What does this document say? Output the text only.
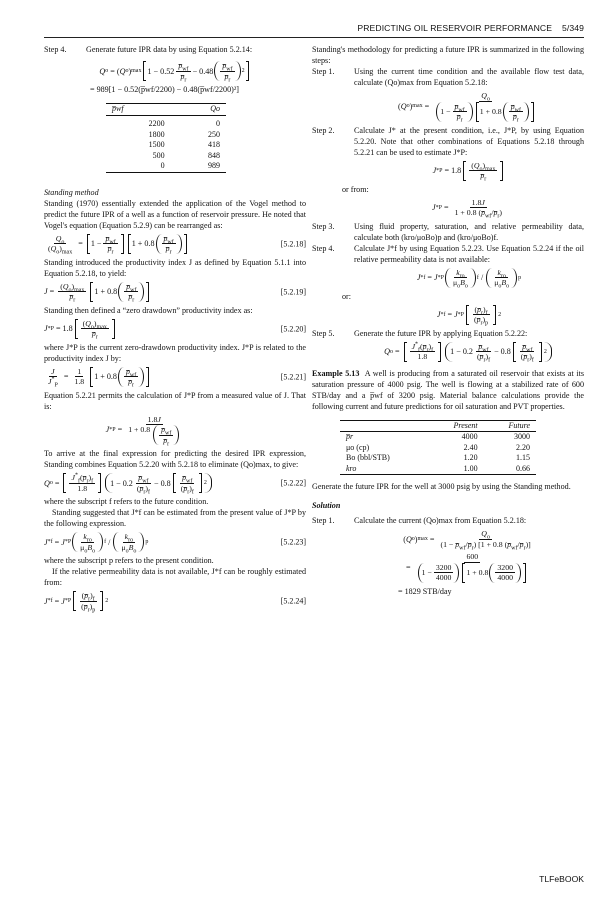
PREDICTING OIL RESERVOIR PERFORMANCE 5/349
Step 4.	Generate future IPR data by using Equation 5.2.14:
Q o = ( Q o ) $\max 1 - 0.52 \frac{p̅_{wf}}{p̅_r} - 0.48 \frac{p̅_{wf}}{p̅_r} 2$

= 989[1 − 0.52(p̅wf/2200) − 0.48(p̅wf/2200)²]

p̅wf	Qo

2200	0
1800	250
1500	418
500	848
0	989

Standing method

Standing (1970) essentially extended the application of the Vogel method to predict the future IPR of a well as a function of reservoir pressure. He noted that Vogel's equation (Equation 5.2.9) can be rearranged as:

$\frac{Q_o}{(Q_o)_{max}} = 1 - \frac{p̅_{wf}}{p̅_r}$	$1 + 0.8 \frac{p̅_{wf}}{p̅_r}$	[5.2.18]

Standing introduced the productivity index J as defined by Equation 5.1.1 into Equation 5.2.18, to yield:

$J = \frac{(Q_o)_{max}}{p̅_r} 1 + 0.8 \frac{p̅_{wf}}{p̅_r}$	[5.2.19]

Standing then defined a “zero drawdown” productivity index as:

$J * P = 1.8 \frac{(Q_o)_{max}}{p̅_r}$	[5.2.20]

where J*P is the current zero-drawdown productivity index. J*P is related to the productivity index J by:

$\frac{J}{J^*_P} = \frac{1}{1.8} 1 + 0.8 \frac{p̅_{wf}}{p̅_r}$	[5.2.21]

Equation 5.2.21 permits the calculation of J*P from a measured value of J. That is:

$J * P = \frac{1.8J}{1 + 0.8 \frac{p̅_{wf}}{p̅_r}}$

To arrive at the final expression for predicting the desired IPR expression, Standing combines Equation 5.2.20 with 5.2.18 to eliminate (Qo)max, to give:

Q $o = \frac{J^*_f(p̅_r)_f}{1.8}$	$1 - 0.2 \frac{p̅_{wf}}{(p̅_r)_f} - 0.8 \frac{p̅_{wf}}{(p̅_r)_f} 2$	[5.2.22]

where the subscript f refers to the future condition.

Standing suggested that J*f can be estimated from the present value of J*P by the following expression.

J * f = J * P $\frac{k_{ro}}{\mu_oB_o}$ f / $\frac{k_{ro}}{\mu_oB_o}$ p	[5.2.23]

where the subscript p refers to the present condition.

If the relative permeability data is not available, J*f can be roughly estimated from:

J * f = J * P $\frac{(p̅_r)_f}{(p̅_r)_p} 2$	[5.2.24]

Standing's methodology for predicting a future IPR is summarized in the following steps:

Step 1.	Using the current time condition and the available flow test data, calculate (Qo)max from Equation 5.2.18:
( Q o ) $\max = \frac{Q_o}{1 - \frac{p̅_{wf}}{p̅_r} 1 + 0.8 \frac{p̅_{wf}}{p̅_r}}$
Step 2.	Calculate J* at the present condition, i.e., J*P, by using Equation 5.2.20. Note that other combinations of Equations 5.2.18 through 5.2.21 can be used to estimate J*P:
$J * P = 1.8 \frac{(Q_o)_{max}}{p̅_r}$

or from:

$J * P = \frac{1.8J}{1 + 0.8 (p̅_{wf}/p̅_r)}$
Step 3.	Using fluid property, saturation, and relative permeability data, calculate both (kro/μoBo)p and (kro/μoBo)f.
Step 4.	Calculate J*f by using Equation 5.2.23. Use Equation 5.2.24 if the oil relative permeability data is not available:
J * f = J * P $\frac{k_{ro}}{\mu_oB_o}$ f / $\frac{k_{ro}}{\mu_oB_o}$ p

or:

J * f = J * P $\frac{(p̅_r)_f}{(p̅_r)_p} 2$
Step 5.	Generate the future IPR by applying Equation 5.2.22:
Q $o = \frac{J^*_f(p̅_r)_f}{1.8}$	$1 - 0.2 \frac{p̅_{wf}}{(p̅_r)_f} - 0.8 \frac{p̅_{wf}}{(p̅_r)_f} 2$

Example 5.13 A well is producing from a saturated oil reservoir that exists at its saturation pressure of 4000 psig. The well is flowing at a stabilized rate of 600 STB/day and a p̅wf of 3200 psig. Material balance calculations provide the following current and future predictions for oil saturation and PVT properties.

	Present	Future
p̅r	4000	3000
μo (cp)	2.40	2.20
Bo (bbl/STB)	1.20	1.15
kro	1.00	0.66

Generate the future IPR for the well at 3000 psig by using the Standing method.

Solution

Step 1.	Calculate the current (Qo)max from Equation 5.2.18:
( Q o ) $\max = \frac{Q_o}{(1 - p̅_{wf}/p̅_r) [1 + 0.8 (p̅_{wf}/p̅_r)]}$
= $\frac{600}{1 - \frac{3200}{4000} 1 + 0.8 \frac{3200}{4000}}$

= 1829 STB/day

TLFeBOOK
